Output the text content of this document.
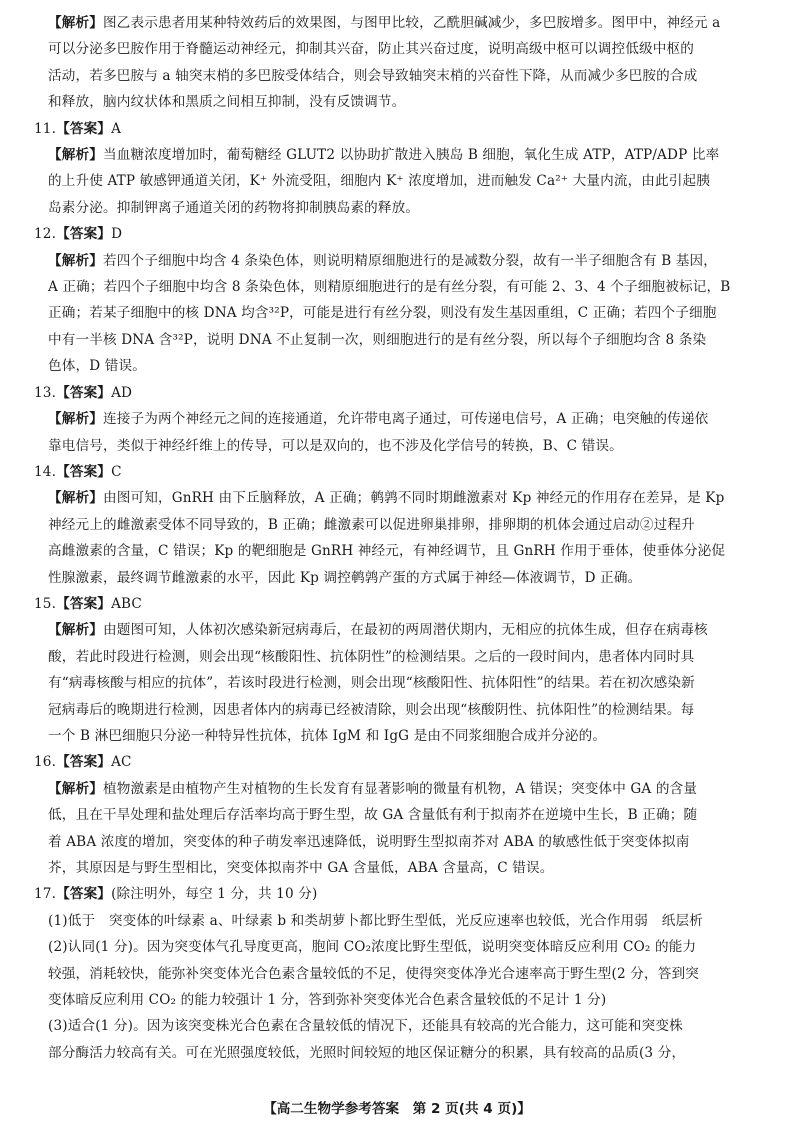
【解析】图乙表示患者用某种特效药后的效果图，与图甲比较，乙酰胆碱减少，多巴胺增多。图甲中，神经元 a
可以分泌多巴胺作用于脊髓运动神经元，抑制其兴奋，防止其兴奋过度，说明高级中枢可以调控低级中枢的
活动，若多巴胺与 a 轴突末梢的多巴胺受体结合，则会导致轴突末梢的兴奋性下降，从而减少多巴胺的合成
和释放，脑内纹状体和黑质之间相互抑制，没有反馈调节。
11.【答案】A
【解析】当血糖浓度增加时，葡萄糖经 GLUT2 以协助扩散进入胰岛 B 细胞，氧化生成 ATP，ATP/ADP 比率
的上升使 ATP 敏感钾通道关闭，K⁺ 外流受阻，细胞内 K⁺ 浓度增加，进而触发 Ca²⁺ 大量内流，由此引起胰
岛素分泌。抑制钾离子通道关闭的药物将抑制胰岛素的释放。
12.【答案】D
【解析】若四个子细胞中均含 4 条染色体，则说明精原细胞进行的是减数分裂，故有一半子细胞含有 B 基因，
A 正确；若四个子细胞中均含 8 条染色体，则精原细胞进行的是有丝分裂，有可能 2、3、4 个子细胞被标记，B
正确；若某子细胞中的核 DNA 均含³²P，可能是进行有丝分裂，则没有发生基因重组，C 正确；若四个子细胞
中有一半核 DNA 含³²P，说明 DNA 不止复制一次，则细胞进行的是有丝分裂，所以每个子细胞均含 8 条染
色体，D 错误。
13.【答案】AD
【解析】连接子为两个神经元之间的连接通道，允许带电离子通过，可传递电信号，A 正确；电突触的传递依
靠电信号，类似于神经纤维上的传导，可以是双向的，也不涉及化学信号的转换，B、C 错误。
14.【答案】C
【解析】由图可知，GnRH 由下丘脑释放，A 正确；鹌鹑不同时期雌激素对 Kp 神经元的作用存在差异，是 Kp
神经元上的雌激素受体不同导致的，B 正确；雌激素可以促进卵巢排卵，排卵期的机体会通过启动②过程升
高雌激素的含量，C 错误；Kp 的靶细胞是 GnRH 神经元，有神经调节，且 GnRH 作用于垂体，使垂体分泌促
性腺激素，最终调节雌激素的水平，因此 Kp 调控鹌鹑产蛋的方式属于神经—体液调节，D 正确。
15.【答案】ABC
【解析】由题图可知，人体初次感染新冠病毒后，在最初的两周潜伏期内，无相应的抗体生成，但存在病毒核
酸，若此时段进行检测，则会出现“核酸阳性、抗体阴性”的检测结果。之后的一段时间内，患者体内同时具
有“病毒核酸与相应的抗体”，若该时段进行检测，则会出现“核酸阳性、抗体阳性”的结果。若在初次感染新
冠病毒后的晚期进行检测，因患者体内的病毒已经被清除，则会出现“核酸阴性、抗体阳性”的检测结果。每
一个 B 淋巴细胞只分泌一种特异性抗体，抗体 IgM 和 IgG 是由不同浆细胞合成并分泌的。
16.【答案】AC
【解析】植物激素是由植物产生对植物的生长发育有显著影响的微量有机物，A 错误；突变体中 GA 的含量
低，且在干旱处理和盐处理后存活率均高于野生型，故 GA 含量低有利于拟南芥在逆境中生长，B 正确；随
着 ABA 浓度的增加，突变体的种子萌发率迅速降低，说明野生型拟南芥对 ABA 的敏感性低于突变体拟南
芥，其原因是与野生型相比，突变体拟南芥中 GA 含量低，ABA 含量高，C 错误。
17.【答案】(除注明外，每空 1 分，共 10 分)
(1)低于　突变体的叶绿素 a、叶绿素 b 和类胡萝卜都比野生型低，光反应速率也较低，光合作用弱　纸层析
(2)认同(1 分)。因为突变体气孔导度更高，胞间 CO₂浓度比野生型低，说明突变体暗反应利用 CO₂ 的能力
较强，消耗较快，能弥补突变体光合色素含量较低的不足，使得突变体净光合速率高于野生型(2 分，答到突
变体暗反应利用 CO₂ 的能力较强计 1 分，答到弥补突变体光合色素含量较低的不足计 1 分)
(3)适合(1 分)。因为该突变株光合色素在含量较低的情况下，还能具有较高的光合能力，这可能和突变株
部分酶活力较高有关。可在光照强度较低，光照时间较短的地区保证糖分的积累，具有较高的品质(3 分，
【高二生物学参考答案　第 2 页(共 4 页)】
